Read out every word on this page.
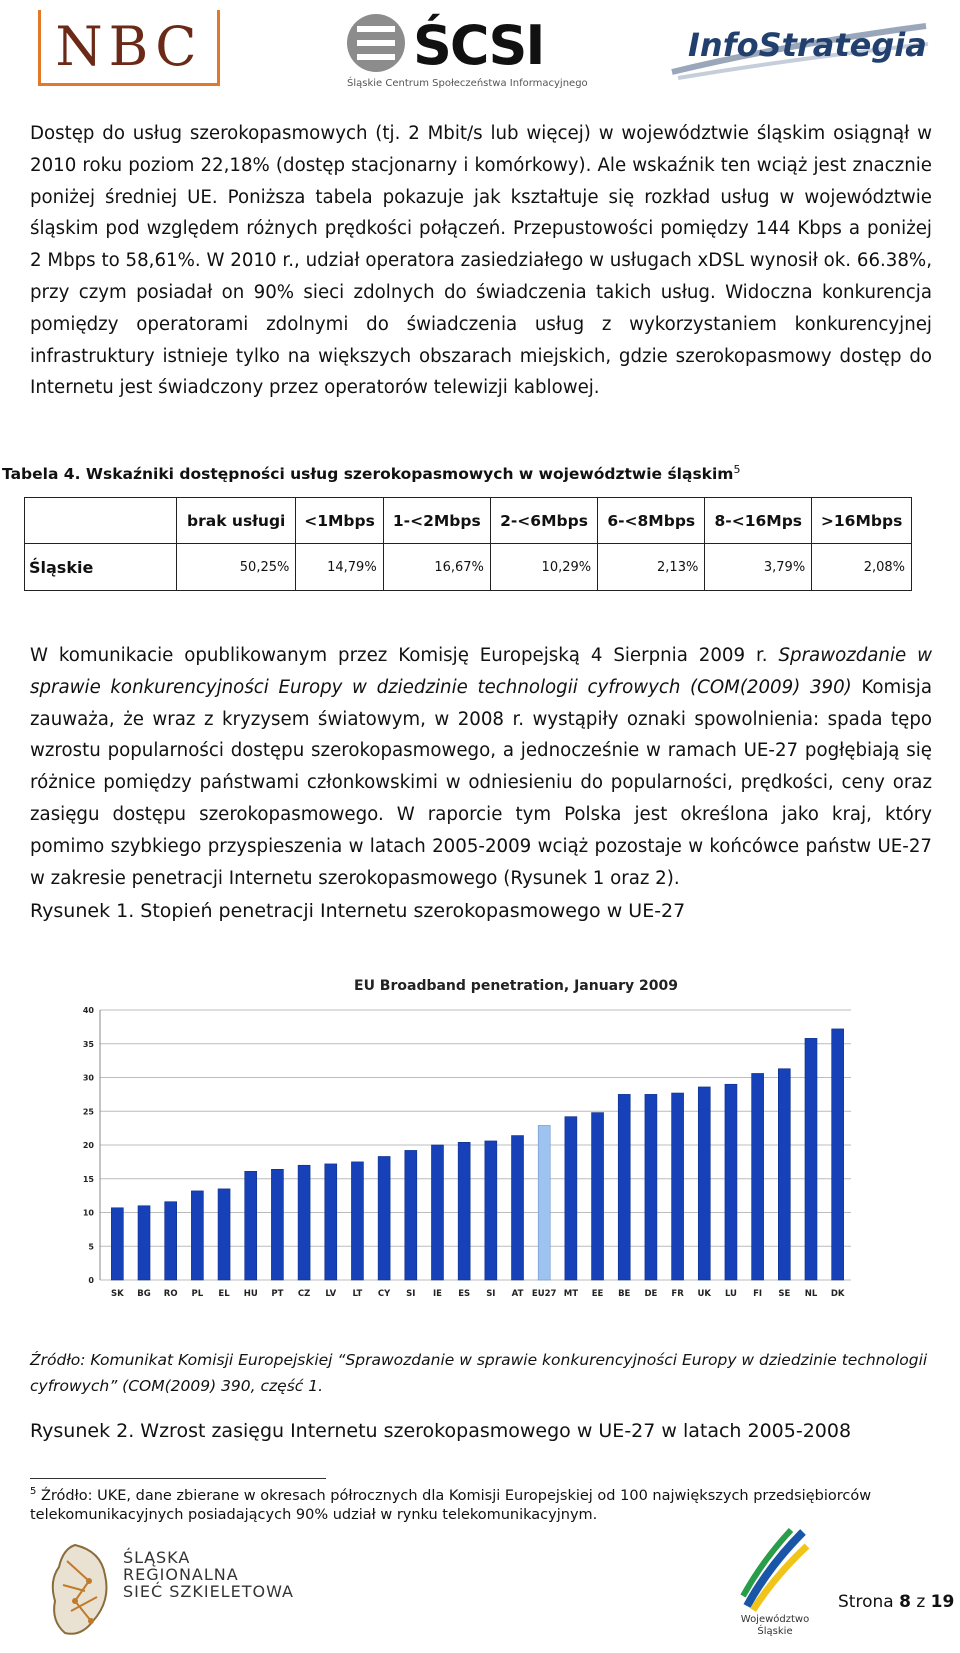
NBC	ŚCSI
Śląskie Centrum Społeczeństwa Informacyjnego
InfoStrategia

Dostęp do usług szerokopasmowych (tj. 2 Mbit/s lub więcej) w województwie śląskim osiągnął w 2010 roku poziom 22,18% (dostęp stacjonarny i komórkowy). Ale wskaźnik ten wciąż jest znacznie poniżej średniej UE. Poniższa tabela pokazuje jak kształtuje się rozkład usług w województwie śląskim pod względem różnych prędkości połączeń. Przepustowości pomiędzy 144 Kbps a poniżej 2 Mbps to 58,61%. W 2010 r., udział operatora zasiedziałego w usługach xDSL wynosił ok. 66.38%, przy czym posiadał on 90% sieci zdolnych do świadczenia takich usług. Widoczna konkurencja pomiędzy operatorami zdolnymi do świadczenia usług z wykorzystaniem konkurencyjnej infrastruktury istnieje tylko na większych obszarach miejskich, gdzie szerokopasmowy dostęp do Internetu jest świadczony przez operatorów telewizji kablowej.

Tabela 4. Wskaźniki dostępności usług szerokopasmowych w województwie śląskim$^5$
	brak usługi	<1Mbps	1-<2Mbps	2-<6Mbps	6-<8Mbps	8-<16Mps	>16Mbps
Śląskie	50,25%	14,79%	16,67%	10,29%	2,13%	3,79%	2,08%

W komunikacie opublikowanym przez Komisję Europejską 4 Sierpnia 2009 r. Sprawozdanie w sprawie konkurencyjności Europy w dziedzinie technologii cyfrowych (COM(2009) 390) Komisja zauważa, że wraz z kryzysem światowym, w 2008 r. wystąpiły oznaki spowolnienia: spada tępo wzrostu popularności dostępu szerokopasmowego, a jednocześnie w ramach UE-27 pogłębiają się różnice pomiędzy państwami członkowskimi w odniesieniu do popularności, prędkości, ceny oraz zasięgu dostępu szerokopasmowego. W raporcie tym Polska jest określona jako kraj, który pomimo szybkiego przyspieszenia w latach 2005-2009 wciąż pozostaje w końcówce państw UE-27 w zakresie penetracji Internetu szerokopasmowego (Rysunek 1 oraz 2).

Rysunek 1. Stopień penetracji Internetu szerokopasmowego w UE-27
EU Broadband penetration, January 2009
0
5
10
15
20
25
30
35
40
SK BG RO PL EL HU PT CZ LV LT CY SI IE ES SI AT EU27 MT EE BE DE FR UK LU FI SE NL DK
Źródło: Komunikat Komisji Europejskiej “Sprawozdanie w sprawie konkurencyjności Europy w dziedzinie technologii cyfrowych” (COM(2009) 390, część 1.
Rysunek 2. Wzrost zasięgu Internetu szerokopasmowego w UE-27 w latach 2005-2008
$^5$ Źródło: UKE, dane zbierane w okresach półrocznych dla Komisji Europejskiej od 100 największych przedsiębiorców telekomunikacyjnych posiadających 90% udział w rynku telekomunikacyjnym.
ŚLĄSKA
REGIONALNA
SIEĆ SZKIELETOWA
Województwo
Śląskie
Strona 8 z 19
